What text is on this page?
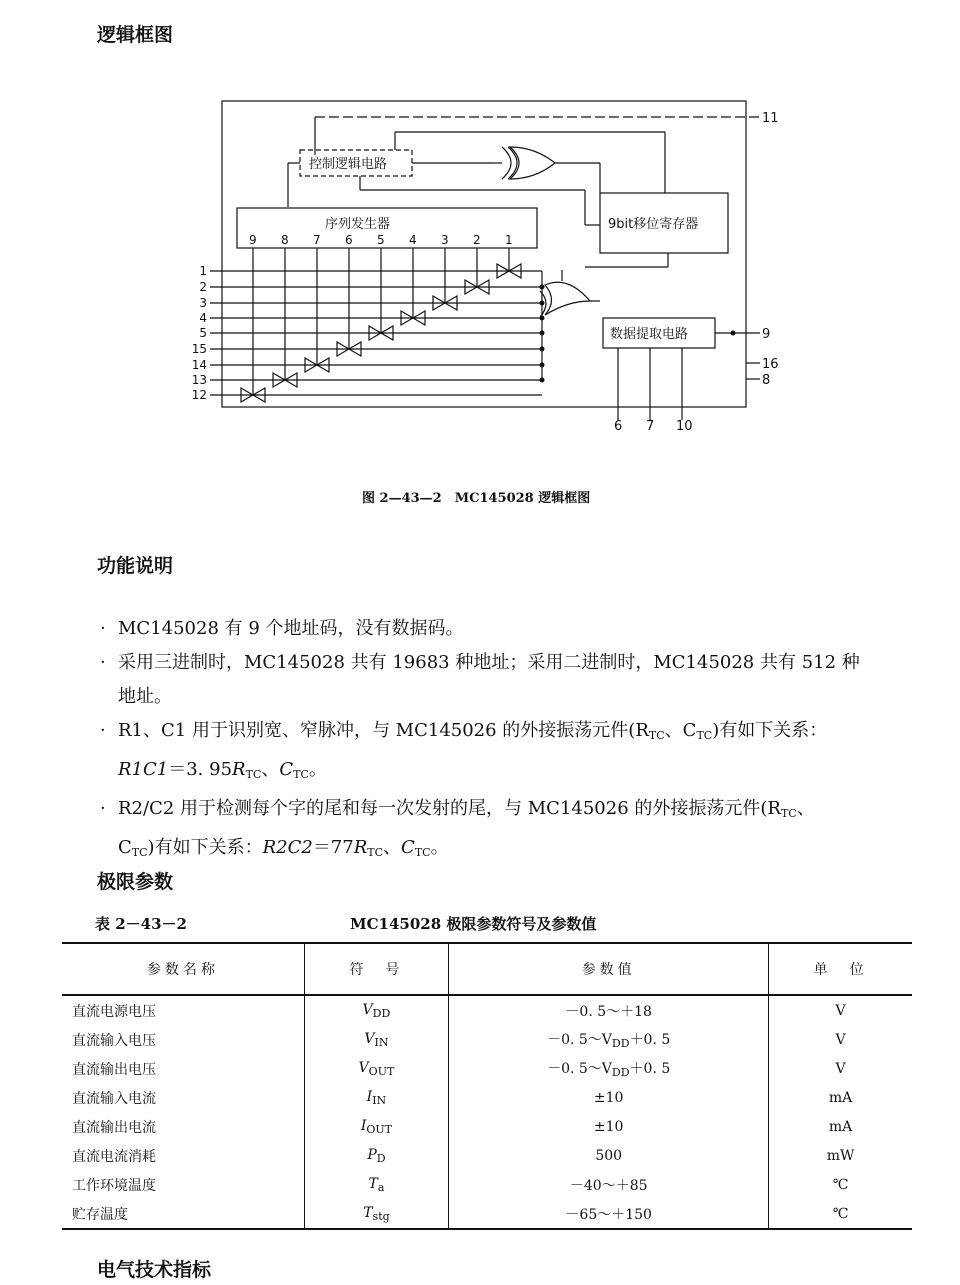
逻辑框图
控制逻辑电路
序列发生器	9bit移位寄存器
数据提取电路
11
9
16
8
6 7 10
9 8 7 6 5 4 3 2 1
1
2
3
4
5
15
14
13
12
图 2—43—2　MC145028 逻辑框图
功能说明

· MC145028 有 9 个地址码，没有数据码。

· 采用三进制时，MC145028 共有 19683 种地址；采用二进制时，MC145028 共有 512 种

地址。

· R1、C1 用于识别宽、窄脉冲，与 MC145026 的外接振荡元件($R_{TC}$、$C_{TC}$)有如下关系：

R1C1＝3. $95R_{TC}$、$C_{TC}$。

· R2/C2 用于检测每个字的尾和每一次发射的尾，与 MC145026 的外接振荡元件($R_{TC}$、

$C_{TC}$)有如下关系：$R2C2=77R_{TC}$、$C_{TC}$。

极限参数
表 2－43－2	MC145028 极限参数符号及参数值
参数名称	符　号	参数值	单　位
直流电源电压	$V_{DD}$	－0. 5～＋18	V
直流输入电压	$V_{IN}$	－0. $5\sim V_{DD}+0$. 5	V
直流输出电压	$V_{OUT}$	－0. $5\sim V_{DD}+0$. 5	V
直流输入电流	$I_{IN}$	±10	mA
直流输出电流	$I_{OUT}$	±10	mA
直流电流消耗	$P_D$	500	mW
工作环境温度	$T_a$	－40～＋85	℃
贮存温度	$T_{stg}$	－65～＋150	℃
电气技术指标
